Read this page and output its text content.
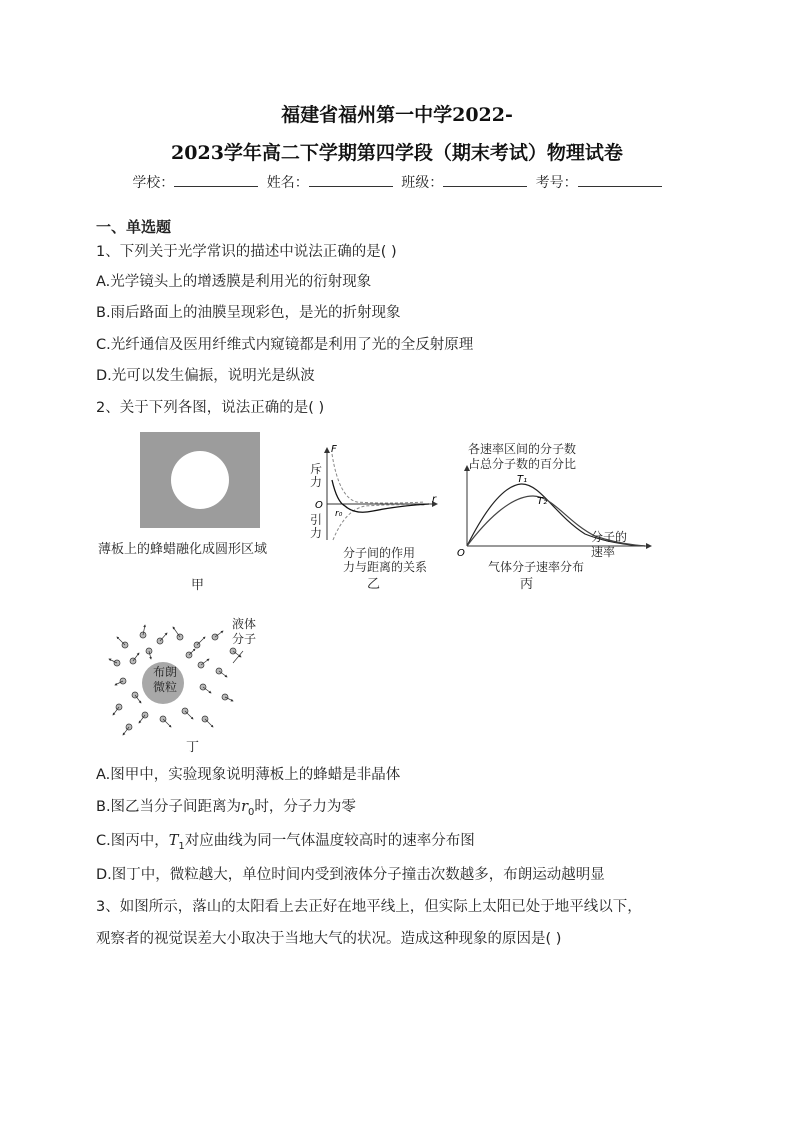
福建省福州第一中学2022-
2023学年高二下学期第四学段（期末考试）物理试卷
学校：	姓名：	班级：	考号：
一、单选题
1、下列关于光学常识的描述中说法正确的是( )
A.光学镜头上的增透膜是利用光的衍射现象
B.雨后路面上的油膜呈现彩色，是光的折射现象
C.光纤通信及医用纤维式内窥镜都是利用了光的全反射原理
D.光可以发生偏振，说明光是纵波
2、关于下列各图，说法正确的是( )
薄板上的蜂蜡融化成圆形区域
甲
F
O
r
r₀
斥力
引力
分子间的作用
力与距离的关系
乙
各速率区间的分子数
占总分子数的百分比
O
T₁
T₂
分子的
速率
气体分子速率分布
丙
布朗
微粒
液体
分子
丁
A.图甲中，实验现象说明薄板上的蜂蜡是非晶体
B.图乙当分子间距离为$r_0$时，分子力为零
C.图丙中，$T_1$对应曲线为同一气体温度较高时的速率分布图
D.图丁中，微粒越大，单位时间内受到液体分子撞击次数越多，布朗运动越明显
3、如图所示，落山的太阳看上去正好在地平线上，但实际上太阳已处于地平线以下，
观察者的视觉误差大小取决于当地大气的状况。造成这种现象的原因是( )
